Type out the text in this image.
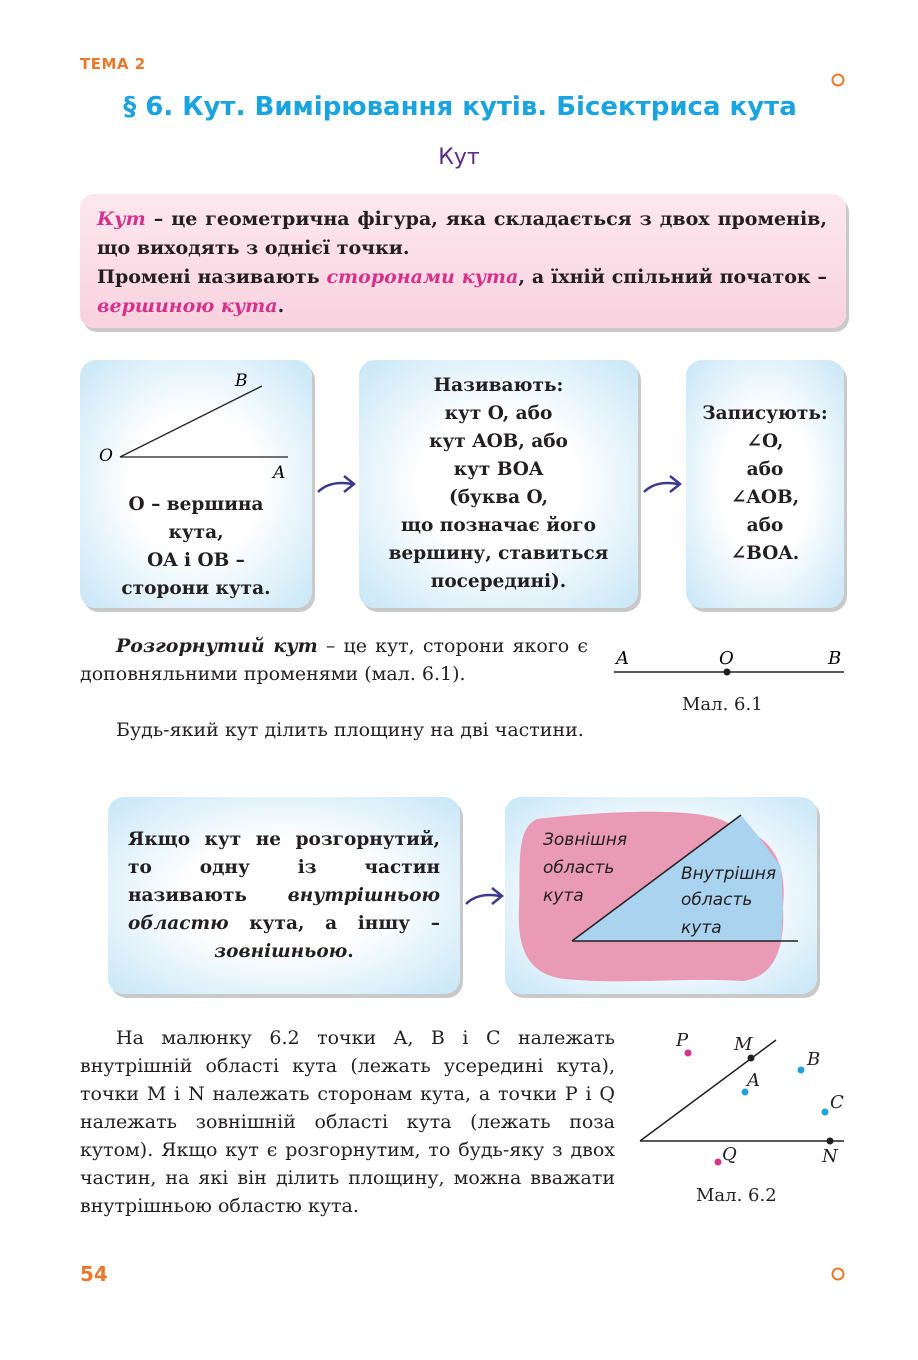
ТЕМА 2
§ 6. Кут. Вимірювання кутів. Бісектриса кута
Кут
Кут – це геометрична фігура, яка складається з двох променів, що виходять з однієї точки.
Промені називають сторонами кута, а їхній спільний початок – вершиною кута.
B
O
A
O – вершина
кута,
OA і OB –
сторони кута.
Називають:
кут O, або
кут AOB, або
кут BOA
(буква O,
що позначає його
вершину, ставиться
посередині).
Записують:
∠O,
або
∠AOB,
або
∠BOA.
Розгорнутий кут – це кут, сторони якого є доповняльними променями (мал. 6.1).
Будь-який кут ділить площину на дві частини.
A	O	B
Мал. 6.1
Якщо кут не розгорнутий, то одну із частин називають внутрішньою областю кута, а іншу – зовнішньою.
Зовнішня область кута
Внутрішня область кута
На малюнку 6.2 точки A, B і C належать внутрішній області кута (лежать усередині кута), точки M і N належать сторонам кута, а точки P і Q належать зовнішній області кута (лежать поза кутом). Якщо кут є розгорнутим, то будь-яку з двох частин, на які він ділить площину, можна вважати внутрішньою областю кута.
P	M
A
B
C
Q	N
Мал. 6.2
54
